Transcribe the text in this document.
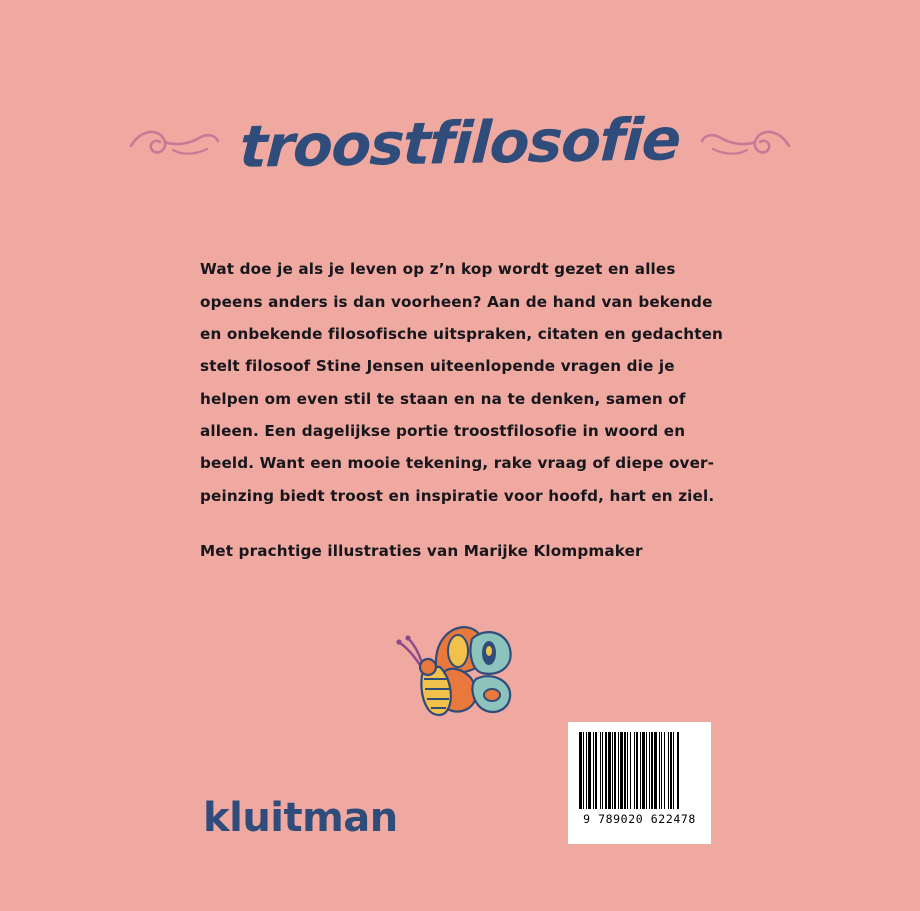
troostfilosofie

Wat doe je als je leven op z’n kop wordt gezet en alles opeens anders is dan voorheen? Aan de hand van bekende en onbekende filosofische uitspraken, citaten en gedachten stelt filosoof Stine Jensen uiteenlopende vragen die je helpen om even stil te staan en na te denken, samen of alleen. Een dagelijkse portie troostfilosofie in woord en beeld. Want een mooie tekening, rake vraag of diepe over-peinzing biedt troost en inspiratie voor hoofd, hart en ziel.

Met prachtige illustraties van Marijke Klompmaker

kluitman	9 789020 622478
